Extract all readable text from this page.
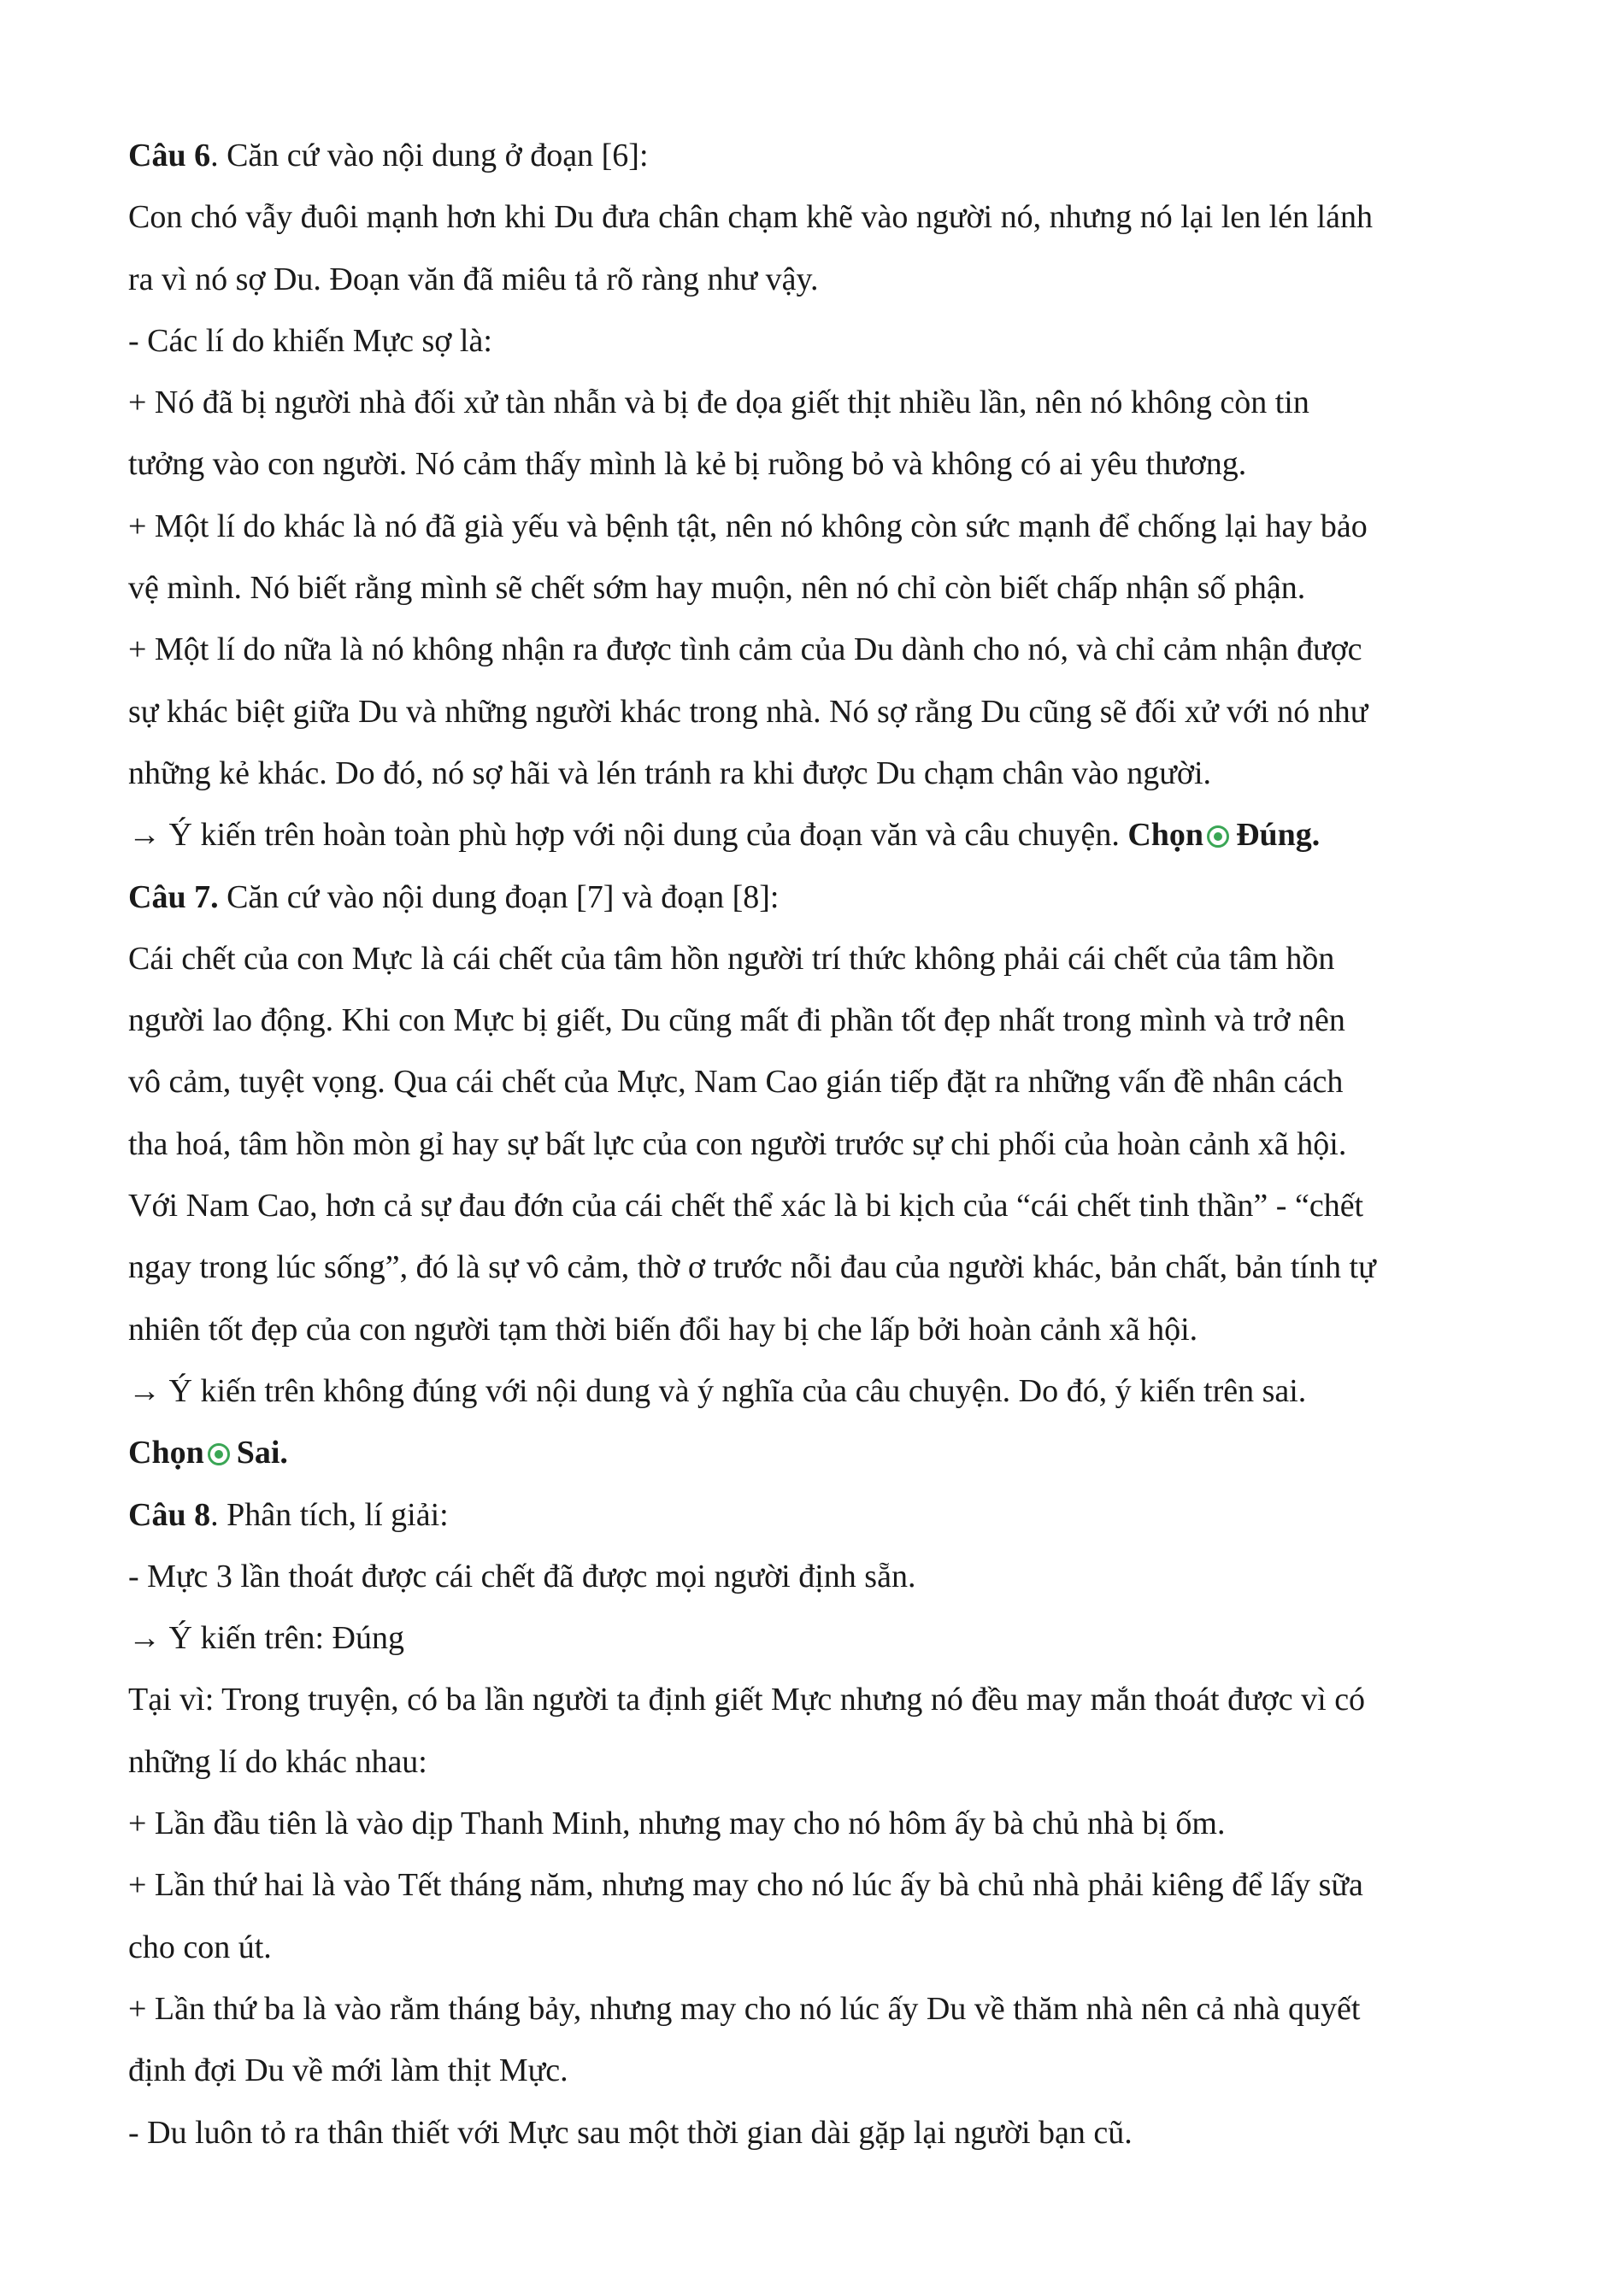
Câu 6. Căn cứ vào nội dung ở đoạn [6]:
Con chó vẫy đuôi mạnh hơn khi Du đưa chân chạm khẽ vào người nó, nhưng nó lại len lén lánh
ra vì nó sợ Du. Đoạn văn đã miêu tả rõ ràng như vậy.
- Các lí do khiến Mực sợ là:
+ Nó đã bị người nhà đối xử tàn nhẫn và bị đe dọa giết thịt nhiều lần, nên nó không còn tin
tưởng vào con người. Nó cảm thấy mình là kẻ bị ruồng bỏ và không có ai yêu thương.
+ Một lí do khác là nó đã già yếu và bệnh tật, nên nó không còn sức mạnh để chống lại hay bảo
vệ mình. Nó biết rằng mình sẽ chết sớm hay muộn, nên nó chỉ còn biết chấp nhận số phận.
+ Một lí do nữa là nó không nhận ra được tình cảm của Du dành cho nó, và chỉ cảm nhận được
sự khác biệt giữa Du và những người khác trong nhà. Nó sợ rằng Du cũng sẽ đối xử với nó như
những kẻ khác. Do đó, nó sợ hãi và lén tránh ra khi được Du chạm chân vào người.
→ Ý kiến trên hoàn toàn phù hợp với nội dung của đoạn văn và câu chuyện. Chọn Đúng.
Câu 7. Căn cứ vào nội dung đoạn [7] và đoạn [8]:
Cái chết của con Mực là cái chết của tâm hồn người trí thức không phải cái chết của tâm hồn
người lao động. Khi con Mực bị giết, Du cũng mất đi phần tốt đẹp nhất trong mình và trở nên
vô cảm, tuyệt vọng. Qua cái chết của Mực, Nam Cao gián tiếp đặt ra những vấn đề nhân cách
tha hoá, tâm hồn mòn gỉ hay sự bất lực của con người trước sự chi phối của hoàn cảnh xã hội.
Với Nam Cao, hơn cả sự đau đớn của cái chết thể xác là bi kịch của “cái chết tinh thần” - “chết
ngay trong lúc sống”, đó là sự vô cảm, thờ ơ trước nỗi đau của người khác, bản chất, bản tính tự
nhiên tốt đẹp của con người tạm thời biến đổi hay bị che lấp bởi hoàn cảnh xã hội.
→ Ý kiến trên không đúng với nội dung và ý nghĩa của câu chuyện. Do đó, ý kiến trên sai.
Chọn Sai.
Câu 8. Phân tích, lí giải:
- Mực 3 lần thoát được cái chết đã được mọi người định sẵn.
→ Ý kiến trên: Đúng
Tại vì: Trong truyện, có ba lần người ta định giết Mực nhưng nó đều may mắn thoát được vì có
những lí do khác nhau:
+ Lần đầu tiên là vào dịp Thanh Minh, nhưng may cho nó hôm ấy bà chủ nhà bị ốm.
+ Lần thứ hai là vào Tết tháng năm, nhưng may cho nó lúc ấy bà chủ nhà phải kiêng để lấy sữa
cho con út.
+ Lần thứ ba là vào rằm tháng bảy, nhưng may cho nó lúc ấy Du về thăm nhà nên cả nhà quyết
định đợi Du về mới làm thịt Mực.
- Du luôn tỏ ra thân thiết với Mực sau một thời gian dài gặp lại người bạn cũ.
